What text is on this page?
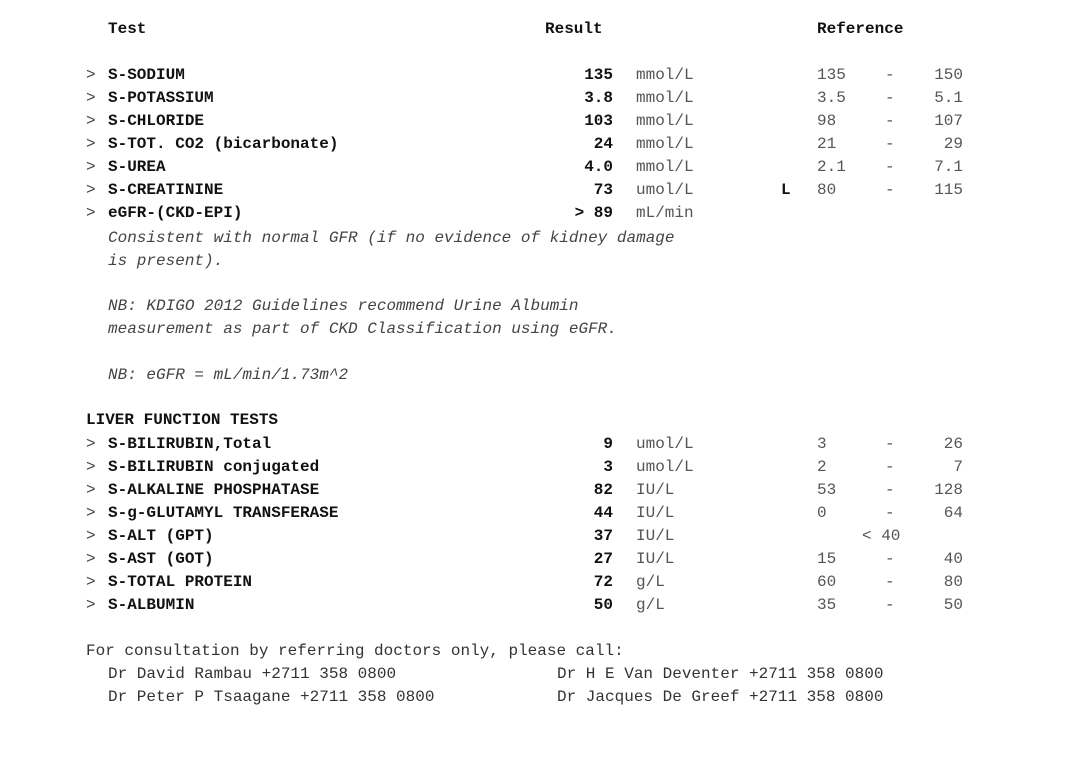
Test	Result	Reference
> S-SODIUM	135 mmol/L	135 - 150
> S-POTASSIUM	3.8 mmol/L	3.5 - 5.1
> S-CHLORIDE	103 mmol/L	98	- 107
> S-TOT. CO2 (bicarbonate)	24 mmol/L	21	-	29
> S-UREA	4.0 mmol/L	2.1 - 7.1
> S-CREATININE	73 umol/L	L 80	- 115
> eGFR-(CKD-EPI)	> 89 mL/min
Consistent with normal GFR (if no evidence of kidney damage
is present).
NB: KDIGO 2012 Guidelines recommend Urine Albumin
measurement as part of CKD Classification using eGFR.
NB: eGFR = mL/min/1.73m^2
LIVER FUNCTION TESTS
> S-BILIRUBIN,Total	9 umol/L	3	-	26
> S-BILIRUBIN conjugated	3 umol/L	2	-	7
> S-ALKALINE PHOSPHATASE	82 IU/L	53	- 128
> S-g-GLUTAMYL TRANSFERASE	44 IU/L	0	-	64
> S-ALT (GPT)	37 IU/L	< 40
> S-AST (GOT)	27 IU/L	15	-	40
> S-TOTAL PROTEIN	72 g/L	60	-	80
> S-ALBUMIN	50 g/L	35	-	50
For consultation by referring doctors only, please call:
Dr David Rambau +2711 358 0800	Dr H E Van Deventer +2711 358 0800
Dr Peter P Tsaagane +2711 358 0800	Dr Jacques De Greef +2711 358 0800
